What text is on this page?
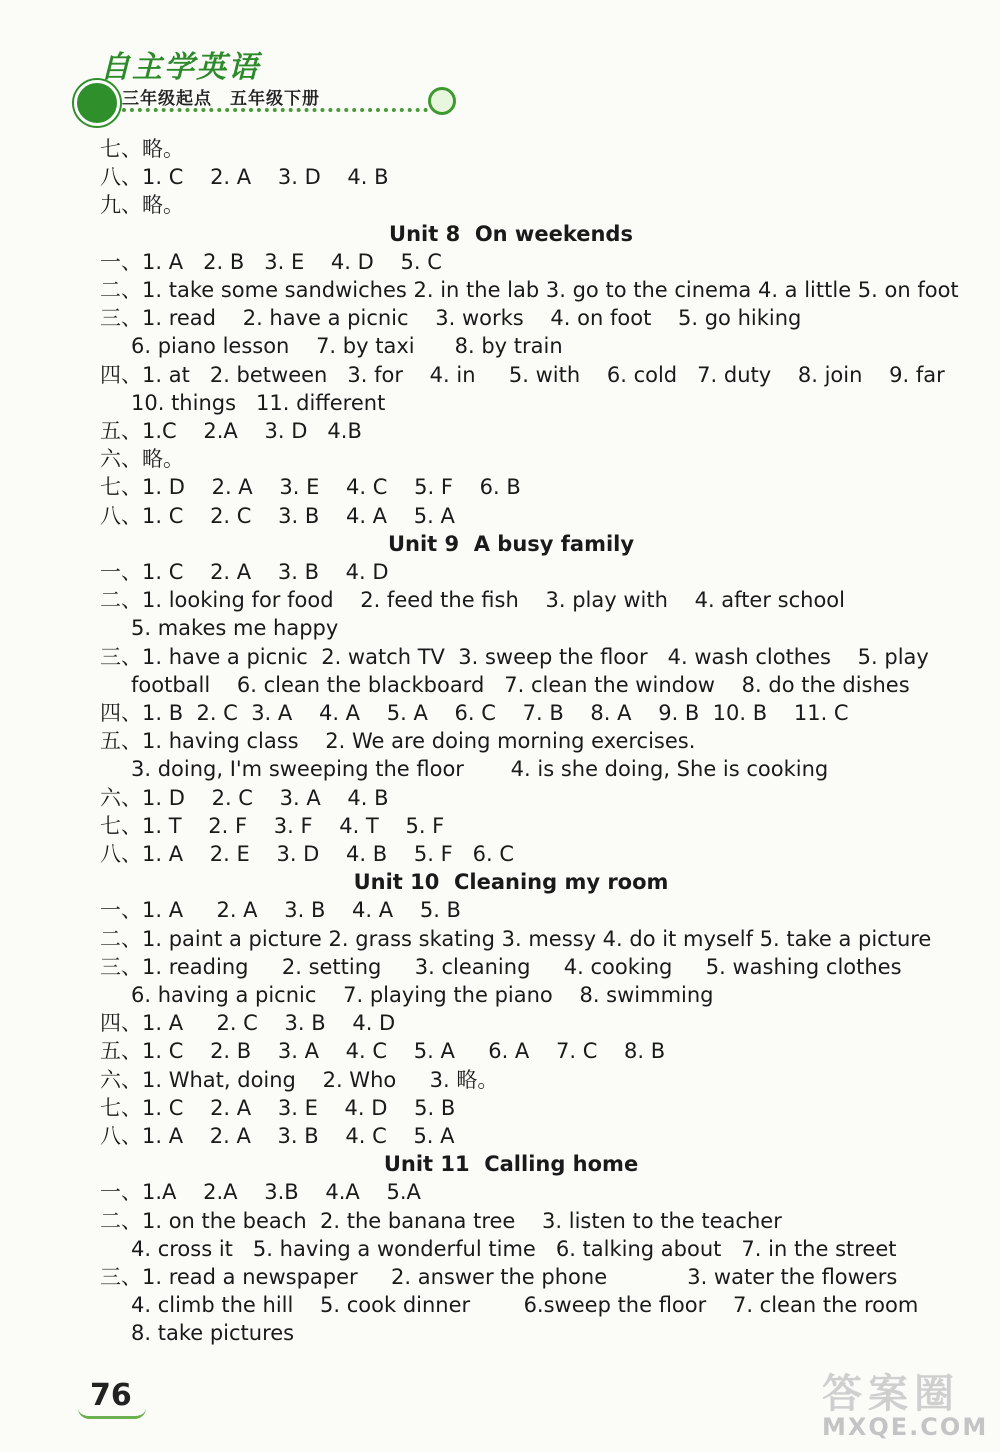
自主学英语
三年级起点 五年级下册
七、略。
八、1. C    2. A    3. D    4. B
九、略。
Unit 8  On weekends
一、1. A   2. B   3. E    4. D    5. C
二、1. take some sandwiches 2. in the lab 3. go to the cinema 4. a little 5. on foot
三、1. read    2. have a picnic    3. works    4. on foot    5. go hiking
6. piano lesson    7. by taxi      8. by train
四、1. at   2. between   3. for    4. in     5. with    6. cold   7. duty    8. join    9. far
10. things   11. different
五、1.C    2.A    3. D   4.B
六、略。
七、1. D    2. A    3. E    4. C    5. F    6. B
八、1. C    2. C    3. B    4. A    5. A
Unit 9  A busy family
一、1. C    2. A    3. B    4. D
二、1. looking for food    2. feed the fish    3. play with    4. after school
5. makes me happy
三、1. have a picnic  2. watch TV  3. sweep the floor   4. wash clothes    5. play
football    6. clean the blackboard   7. clean the window    8. do the dishes
四、1. B  2. C  3. A    4. A    5. A    6. C    7. B    8. A    9. B  10. B    11. C
五、1. having class    2. We are doing morning exercises.
3. doing, I'm sweeping the floor       4. is she doing, She is cooking
六、1. D    2. C    3. A    4. B
七、1. T    2. F    3. F    4. T    5. F
八、1. A    2. E    3. D    4. B    5. F   6. C
Unit 10  Cleaning my room
一、1. A     2. A    3. B    4. A    5. B
二、1. paint a picture 2. grass skating 3. messy 4. do it myself 5. take a picture
三、1. reading     2. setting     3. cleaning     4. cooking     5. washing clothes
6. having a picnic    7. playing the piano    8. swimming
四、1. A     2. C    3. B    4. D
五、1. C    2. B    3. A    4. C    5. A     6. A    7. C    8. B
六、1. What, doing    2. Who     3. 略。
七、1. C    2. A    3. E    4. D    5. B
八、1. A    2. A    3. B    4. C    5. A
Unit 11  Calling home
一、1.A    2.A    3.B    4.A    5.A
二、1. on the beach  2. the banana tree    3. listen to the teacher
4. cross it   5. having a wonderful time   6. talking about   7. in the street
三、1. read a newspaper     2. answer the phone            3. water the flowers
4. climb the hill    5. cook dinner        6.sweep the floor    7. clean the room
8. take pictures
76	答案圈
MXQE.COM
